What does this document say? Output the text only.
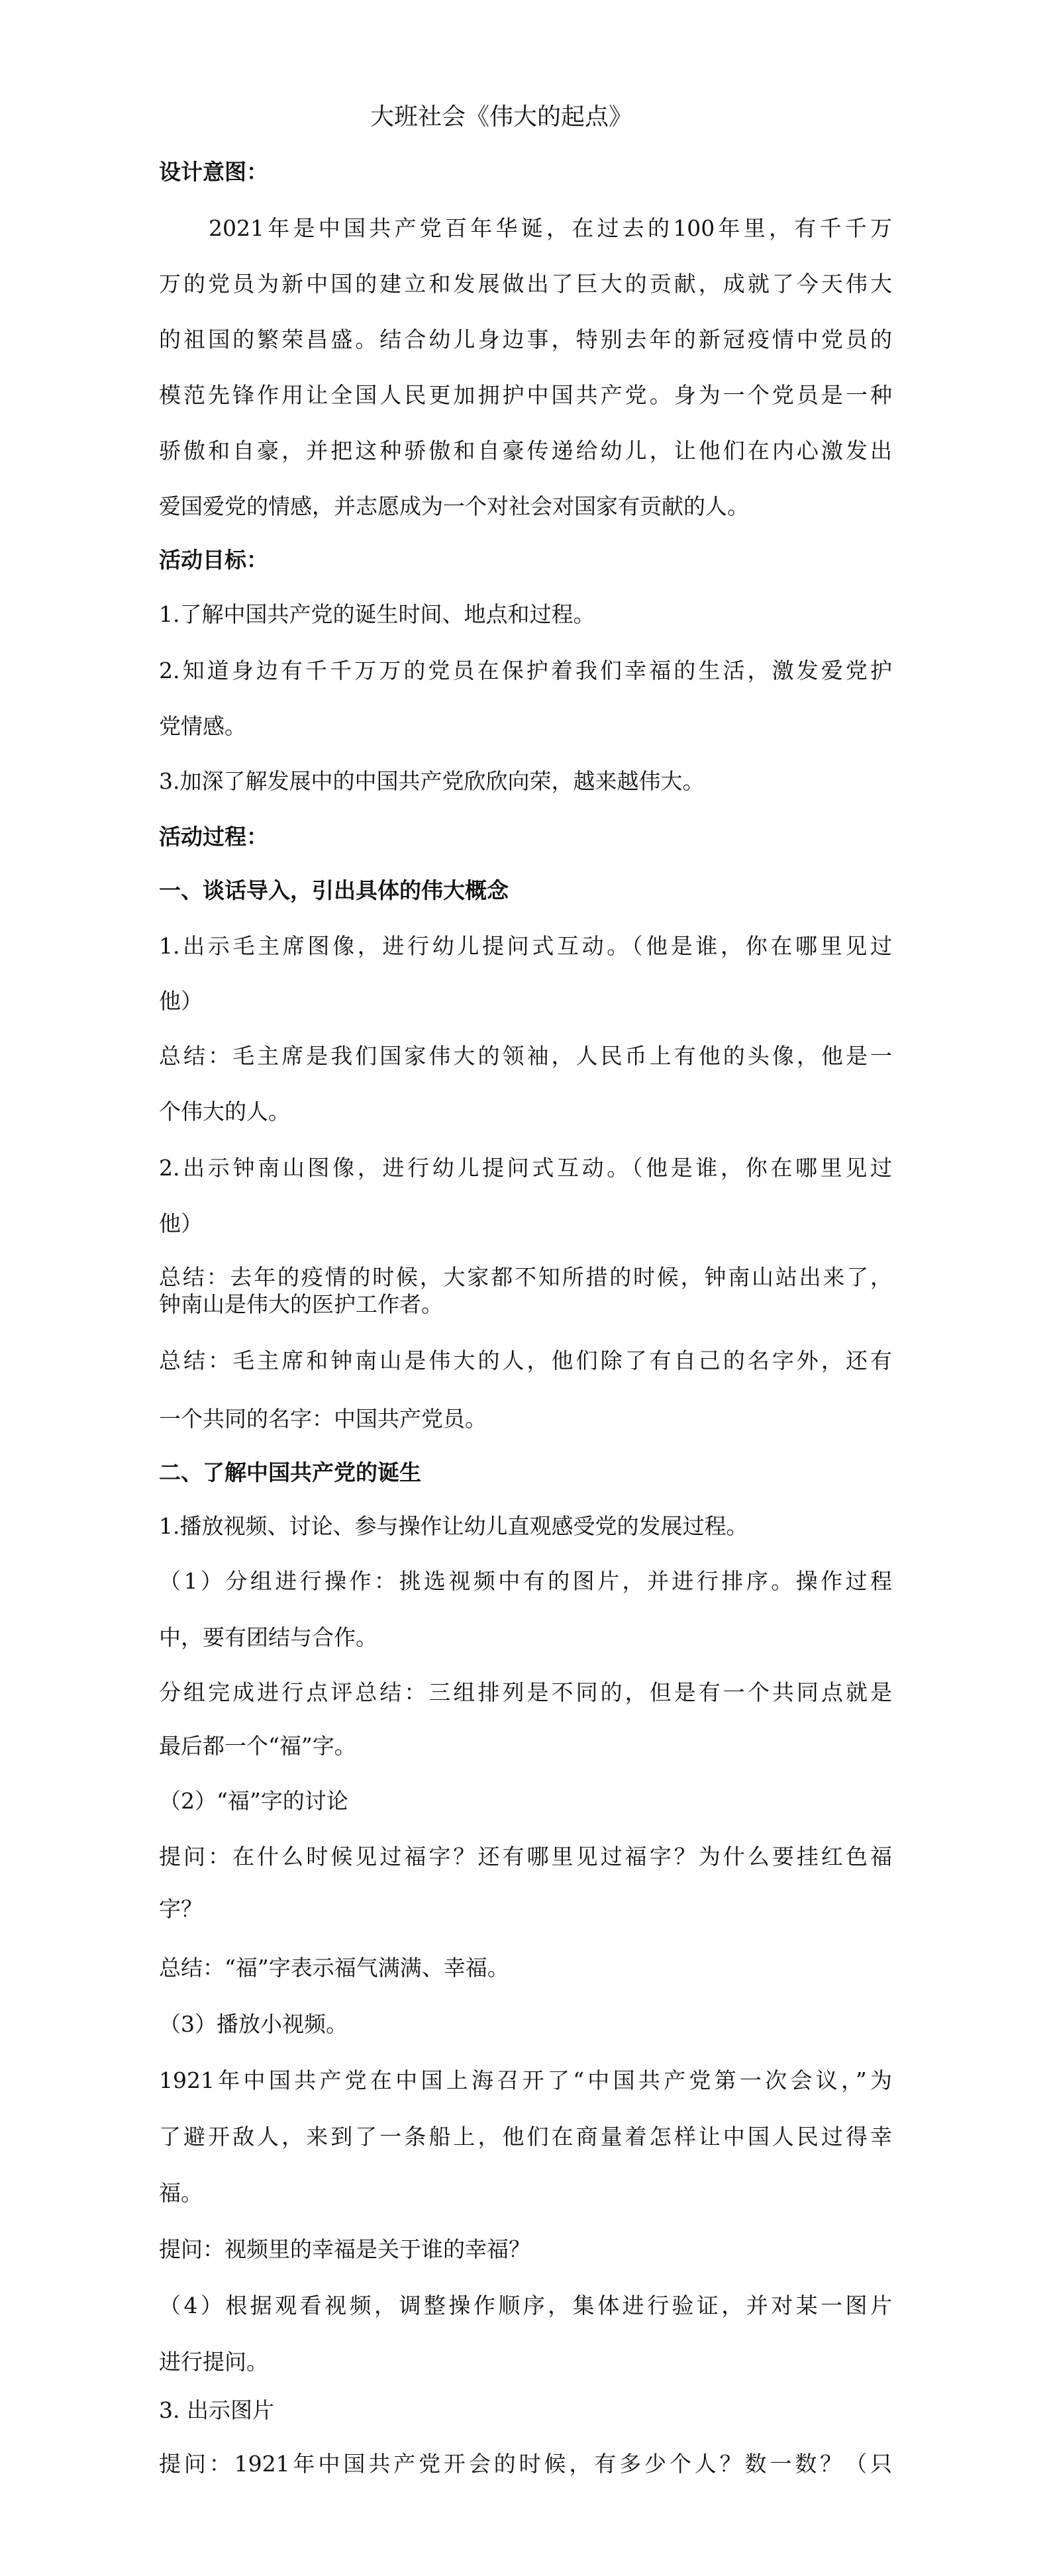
大班社会《伟大的起点》
设计意图：
2021年是中国共产党百年华诞，在过去的100年里，有千千万
万的党员为新中国的建立和发展做出了巨大的贡献，成就了今天伟大
的祖国的繁荣昌盛。结合幼儿身边事，特别去年的新冠疫情中党员的
模范先锋作用让全国人民更加拥护中国共产党。身为一个党员是一种
骄傲和自豪，并把这种骄傲和自豪传递给幼儿，让他们在内心激发出
爱国爱党的情感，并志愿成为一个对社会对国家有贡献的人。
活动目标：
1.了解中国共产党的诞生时间、地点和过程。
2.知道身边有千千万万的党员在保护着我们幸福的生活，激发爱党护
党情感。
3.加深了解发展中的中国共产党欣欣向荣，越来越伟大。
活动过程：
一、谈话导入，引出具体的伟大概念
1.出示毛主席图像，进行幼儿提问式互动。（他是谁，你在哪里见过
他）
总结：毛主席是我们国家伟大的领袖，人民币上有他的头像，他是一
个伟大的人。
2.出示钟南山图像，进行幼儿提问式互动。（他是谁，你在哪里见过
他）
总结：去年的疫情的时候，大家都不知所措的时候，钟南山站出来了，
钟南山是伟大的医护工作者。
总结：毛主席和钟南山是伟大的人，他们除了有自己的名字外，还有
一个共同的名字：中国共产党员。
二、了解中国共产党的诞生
1.播放视频、讨论、参与操作让幼儿直观感受党的发展过程。
（1）分组进行操作：挑选视频中有的图片，并进行排序。操作过程
中，要有团结与合作。
分组完成进行点评总结：三组排列是不同的，但是有一个共同点就是
最后都一个“福”字。
（2）“福”字的讨论
提问：在什么时候见过福字？还有哪里见过福字？为什么要挂红色福
字？
总结：“福”字表示福气满满、幸福。
（3）播放小视频。
1921年中国共产党在中国上海召开了“中国共产党第一次会议，”为
了避开敌人，来到了一条船上，他们在商量着怎样让中国人民过得幸
福。
提问：视频里的幸福是关于谁的幸福？
（4）根据观看视频，调整操作顺序，集体进行验证，并对某一图片
进行提问。
3. 出示图片
提问：1921年中国共产党开会的时候，有多少个人？数一数？（只
